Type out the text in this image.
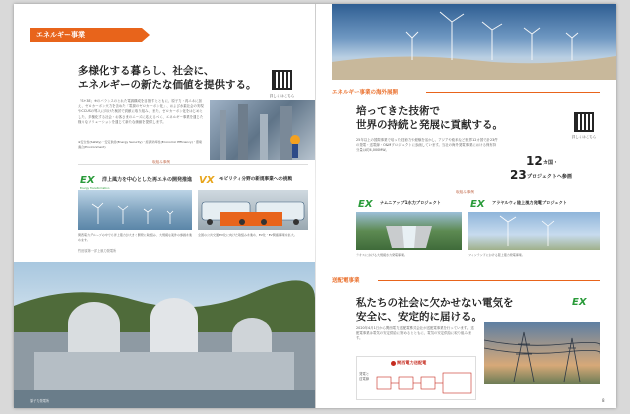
エネルギー事業
多様化する暮らし、社会に、
エネルギーの新たな価値を提供する。
詳しくはこちら
「S+3E」※のバランスのとれた電源構成を目指すとともに、原子力・再エネに加え、ゼロカーボン火力を含めた「電源のゼロカーボン化」、および水素社会の実現やCCUSの導入に向けた検討で貢献に取り組み、また、ゼロカーボン化をはじめとした、多様化する社会・お客さまのニーズに応えるべく、エネルギー事業を通じた様々なソリューションを通じて新たな価値を提供します。
※安全性(Safety)・安定供給(Energy Security)・経済効率性(Economic Efficiency)・環境適合(Environment)
取組み事例
EX
Energy Transformation
洋上風力を中心とした再エネの開発推進
関西電力グループの中でも洋上風力が大きく開発に取組み、大規模な案件の参画を進めます。
竹田原第一洋上風力発電所
VX モビリティ分野の新規事業への挑戦
全国の公共交通EV化に向けた取組みを進め、EV化・EV関連事業を拡大。
原子力発電所
エネルギー事業の海外展開
培ってきた技術で
世界の持続と発展に貢献する。
詳しくはこちら
25年以上の国際事業で培った技術力や経験を活かし、アジアや欧米など世界12カ国で計23件の発電・送電線・O&Mプロジェクトに参画しています。当社の海外発電事業における保有持分量は約4,000MW。
12 カ国・
23 プロジェクトへ参画
取組み事例
EX ナムニアップ1水力プロジェクト
ラオスにおける大規模水力発電事業。
EX アラヤルウィ陸上風力発電プロジェクト
フィンランドにおける陸上風力発電事業。
送配電事業
私たちの社会に欠かせない電気を
安全に、安定的に届ける。
EX
2020年4月1日から関西電力送配電株式会社が送配電事業を行っています。送配電事業は電気の安定供給に努めるとともに、電気の安定供給に取り組みます。
発電と
送電線
関西電力送配電
8
